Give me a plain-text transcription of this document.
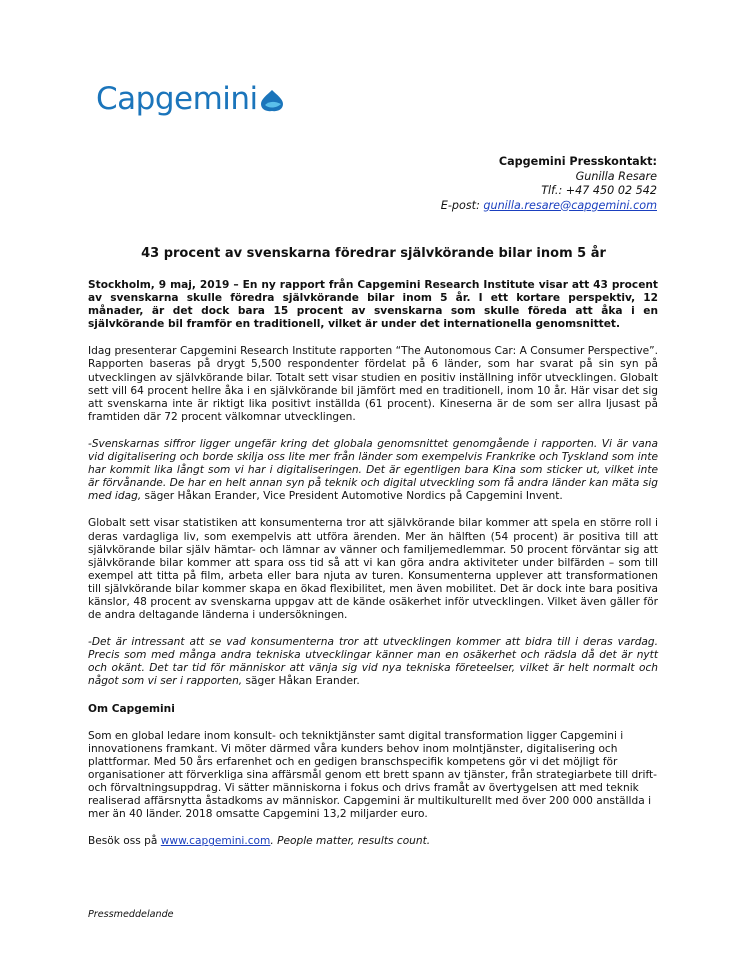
Capgemini
Capgemini Presskontakt:
Gunilla Resare
Tlf.: +47 450 02 542
E-post: gunilla.resare@capgemini.com
43 procent av svenskarna föredrar självkörande bilar inom 5 år

Stockholm, 9 maj, 2019 – En ny rapport från Capgemini Research Institute visar att 43 procent av svenskarna skulle föredra självkörande bilar inom 5 år. I ett kortare perspektiv, 12 månader, är det dock bara 15 procent av svenskarna som skulle föreda att åka i en självkörande bil framför en traditionell, vilket är under det internationella genomsnittet.

Idag presenterar Capgemini Research Institute rapporten “The Autonomous Car: A Consumer Perspective”. Rapporten baseras på drygt 5,500 respondenter fördelat på 6 länder, som har svarat på sin syn på utvecklingen av självkörande bilar. Totalt sett visar studien en positiv inställning inför utvecklingen. Globalt sett vill 64 procent hellre åka i en självkörande bil jämfört med en traditionell, inom 10 år. Här visar det sig att svenskarna inte är riktigt lika positivt inställda (61 procent). Kineserna är de som ser allra ljusast på framtiden där 72 procent välkomnar utvecklingen.

-Svenskarnas siffror ligger ungefär kring det globala genomsnittet genomgående i rapporten. Vi är vana vid digitalisering och borde skilja oss lite mer från länder som exempelvis Frankrike och Tyskland som inte har kommit lika långt som vi har i digitaliseringen. Det är egentligen bara Kina som sticker ut, vilket inte är förvånande. De har en helt annan syn på teknik och digital utveckling som få andra länder kan mäta sig med idag, säger Håkan Erander, Vice President Automotive Nordics på Capgemini Invent.

Globalt sett visar statistiken att konsumenterna tror att självkörande bilar kommer att spela en större roll i deras vardagliga liv, som exempelvis att utföra ärenden. Mer än hälften (54 procent) är positiva till att självkörande bilar själv hämtar- och lämnar av vänner och familjemedlemmar. 50 procent förväntar sig att självkörande bilar kommer att spara oss tid så att vi kan göra andra aktiviteter under bilfärden – som till exempel att titta på film, arbeta eller bara njuta av turen. Konsumenterna upplever att transformationen till självkörande bilar kommer skapa en ökad flexibilitet, men även mobilitet. Det är dock inte bara positiva känslor, 48 procent av svenskarna uppgav att de kände osäkerhet inför utvecklingen. Vilket även gäller för de andra deltagande länderna i undersökningen.

-Det är intressant att se vad konsumenterna tror att utvecklingen kommer att bidra till i deras vardag. Precis som med många andra tekniska utvecklingar känner man en osäkerhet och rädsla då det är nytt och okänt. Det tar tid för människor att vänja sig vid nya tekniska företeelser, vilket är helt normalt och något som vi ser i rapporten, säger Håkan Erander.

Om Capgemini

Som en global ledare inom konsult- och tekniktjänster samt digital transformation ligger Capgemini i innovationens framkant. Vi möter därmed våra kunders behov inom molntjänster, digitalisering och plattformar. Med 50 års erfarenhet och en gedigen branschspecifik kompetens gör vi det möjligt för organisationer att förverkliga sina affärsmål genom ett brett spann av tjänster, från strategiarbete till drift- och förvaltningsuppdrag. Vi sätter människorna i fokus och drivs framåt av övertygelsen att med teknik realiserad affärsnytta åstadkoms av människor. Capgemini är multikulturellt med över 200 000 anställda i mer än 40 länder. 2018 omsatte Capgemini 13,2 miljarder euro.

Besök oss på www.capgemini.com. People matter, results count.

Pressmeddelande
